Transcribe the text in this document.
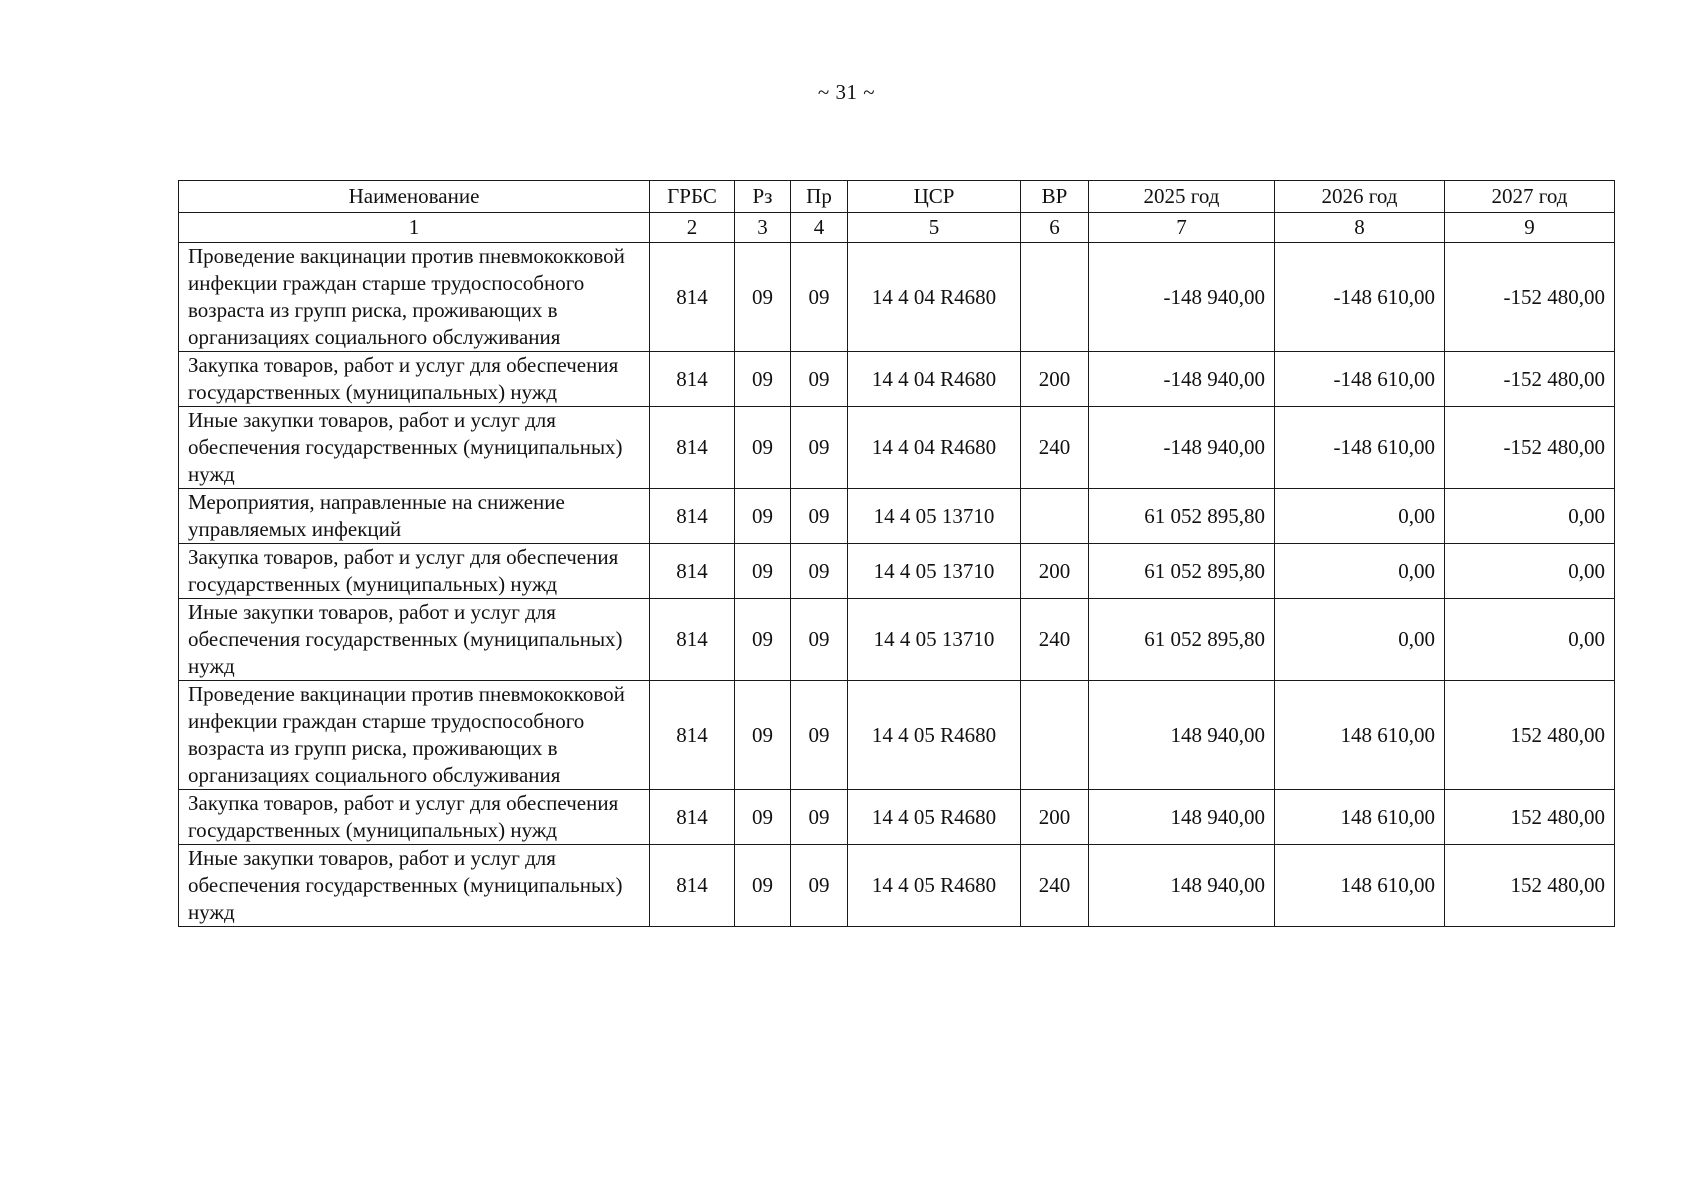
~ 31 ~
Наименование	ГРБС	Рз	Пр	ЦСР	ВР	2025 год	2026 год	2027 год
1	2	3	4	5	6	7	8	9
Проведение вакцинации против пневмококковой инфекции граждан старше трудоспособного возраста из групп риска, проживающих в организациях социального обслуживания	814	09	09	14 4 04 R4680		-148 940,00	-148 610,00	-152 480,00
Закупка товаров, работ и услуг для обеспечения государственных (муниципальных) нужд	814	09	09	14 4 04 R4680	200	-148 940,00	-148 610,00	-152 480,00
Иные закупки товаров, работ и услуг для обеспечения государственных (муниципальных) нужд	814	09	09	14 4 04 R4680	240	-148 940,00	-148 610,00	-152 480,00
Мероприятия, направленные на снижение управляемых инфекций	814	09	09	14 4 05 13710		61 052 895,80	0,00	0,00
Закупка товаров, работ и услуг для обеспечения государственных (муниципальных) нужд	814	09	09	14 4 05 13710	200	61 052 895,80	0,00	0,00
Иные закупки товаров, работ и услуг для обеспечения государственных (муниципальных) нужд	814	09	09	14 4 05 13710	240	61 052 895,80	0,00	0,00
Проведение вакцинации против пневмококковой инфекции граждан старше трудоспособного возраста из групп риска, проживающих в организациях социального обслуживания	814	09	09	14 4 05 R4680		148 940,00	148 610,00	152 480,00
Закупка товаров, работ и услуг для обеспечения государственных (муниципальных) нужд	814	09	09	14 4 05 R4680	200	148 940,00	148 610,00	152 480,00
Иные закупки товаров, работ и услуг для обеспечения государственных (муниципальных) нужд	814	09	09	14 4 05 R4680	240	148 940,00	148 610,00	152 480,00
